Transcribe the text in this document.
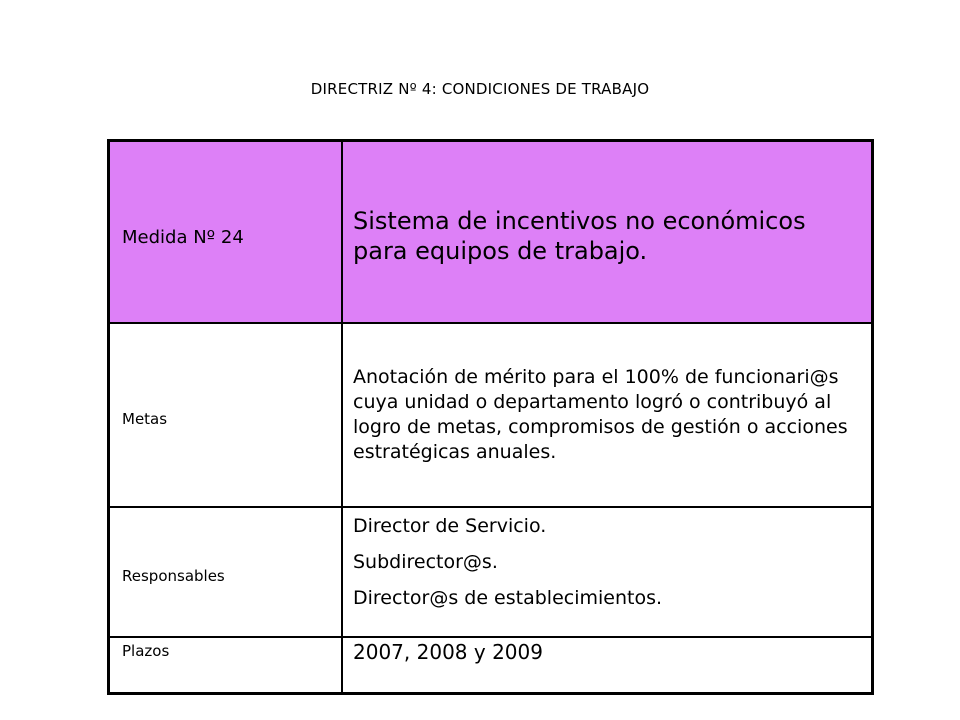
DIRECTRIZ Nº 4: CONDICIONES DE TRABAJO
Medida Nº 24	Sistema de incentivos no económicos para equipos de trabajo.
Metas	Anotación de mérito para el 100% de funcionari@s cuya unidad o departamento logró o contribuyó al logro de metas, compromisos de gestión o acciones estratégicas anuales.
Responsables	Director de Servicio.
Subdirector@s.
Director@s de establecimientos.

Plazos	2007, 2008 y 2009
